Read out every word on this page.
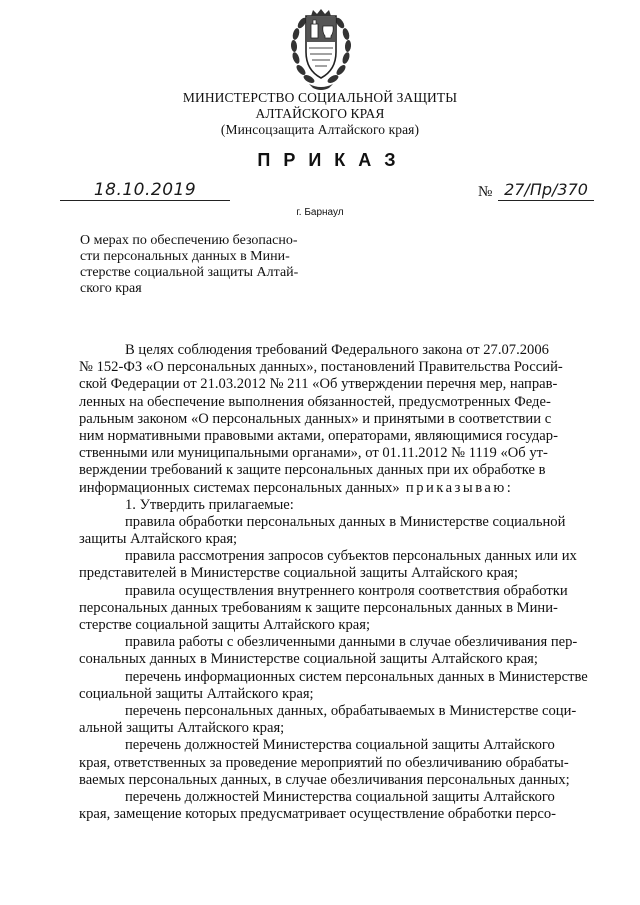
МИНИСТЕРСТВО СОЦИАЛЬНОЙ ЗАЩИТЫ
АЛТАЙСКОГО КРАЯ
(Минсоцзащита Алтайского края)
ПРИКАЗ
18.10.2019	№ 27/Пр/370
г. Барнаул
О мерах по обеспечению безопасно-
сти персональных данных в Мини-
стерстве социальной защиты Алтай-
ского края
В целях соблюдения требований Федерального закона от 27.07.2006
№ 152-ФЗ «О персональных данных», постановлений Правительства Россий-
ской Федерации от 21.03.2012 № 211 «Об утверждении перечня мер, направ-
ленных на обеспечение выполнения обязанностей, предусмотренных Феде-
ральным законом «О персональных данных» и принятыми в соответствии с
ним нормативными правовыми актами, операторами, являющимися государ-
ственными или муниципальными органами», от 01.11.2012 № 1119 «Об ут-
верждении требований к защите персональных данных при их обработке в
информационных системах персональных данных» приказываю:
1. Утвердить прилагаемые:
правила обработки персональных данных в Министерстве социальной
защиты Алтайского края;
правила рассмотрения запросов субъектов персональных данных или их
представителей в Министерстве социальной защиты Алтайского края;
правила осуществления внутреннего контроля соответствия обработки
персональных данных требованиям к защите персональных данных в Мини-
стерстве социальной защиты Алтайского края;
правила работы с обезличенными данными в случае обезличивания пер-
сональных данных в Министерстве социальной защиты Алтайского края;
перечень информационных систем персональных данных в Министерстве
социальной защиты Алтайского края;
перечень персональных данных, обрабатываемых в Министерстве соци-
альной защиты Алтайского края;
перечень должностей Министерства социальной защиты Алтайского
края, ответственных за проведение мероприятий по обезличиванию обрабаты-
ваемых персональных данных, в случае обезличивания персональных данных;
перечень должностей Министерства социальной защиты Алтайского
края, замещение которых предусматривает осуществление обработки персо-
